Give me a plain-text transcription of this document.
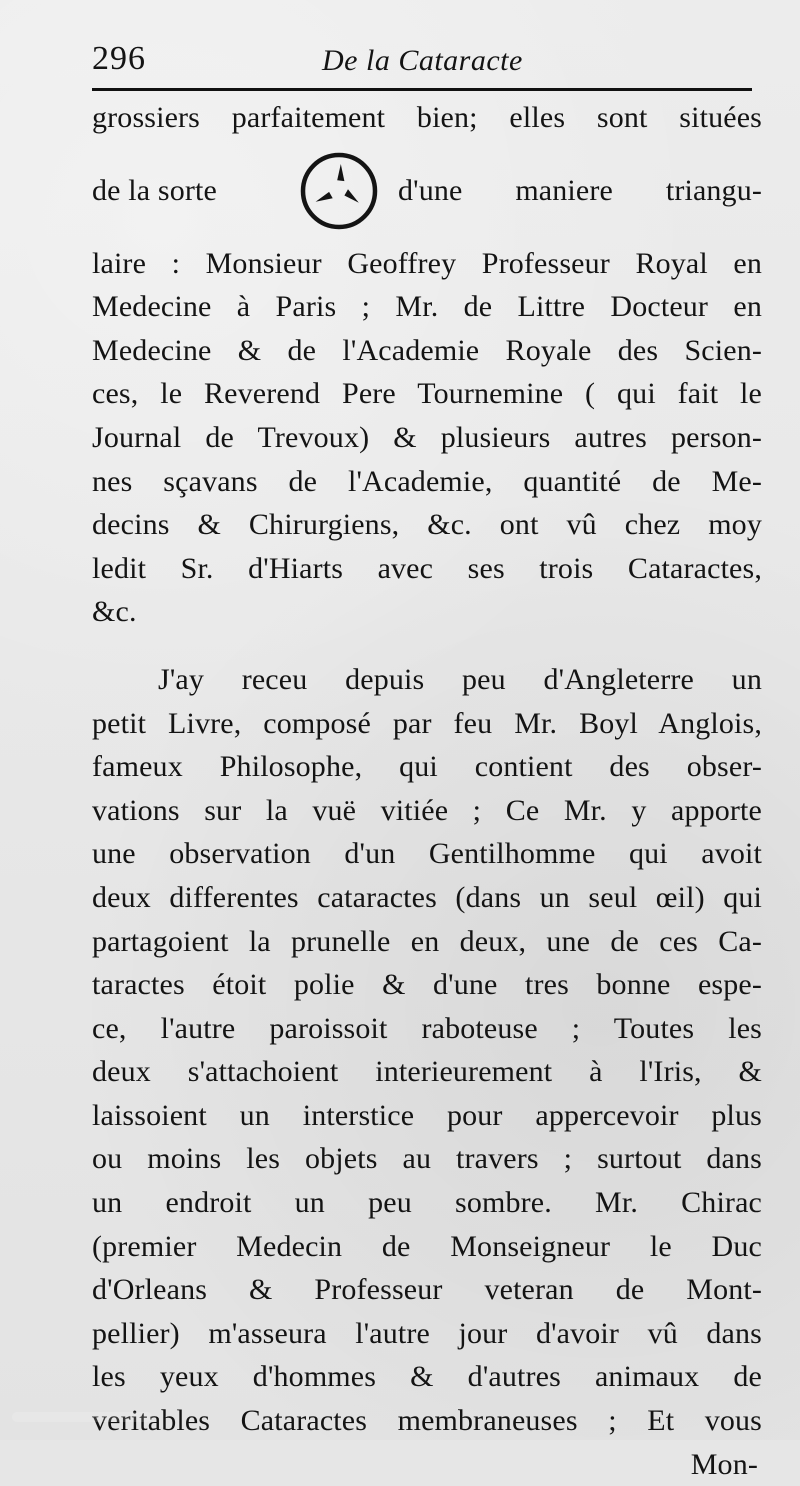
296	De la Cataracte
grossiers parfaitement bien; elles sont situées
de la sorte	d'une maniere triangu-
laire : Monsieur Geoffrey Professeur Royal en
Medecine à Paris ; Mr. de Littre Docteur en
Medecine & de l'Academie Royale des Scien-
ces, le Reverend Pere Tournemine ( qui fait le
Journal de Trevoux) & plusieurs autres person-
nes sçavans de l'Academie, quantité de Me-
decins & Chirurgiens, &c. ont vû chez moy
ledit Sr. d'Hiarts avec ses trois Cataractes,
&c.
J'ay receu depuis peu d'Angleterre un
petit Livre, composé par feu Mr. Boyl Anglois,
fameux Philosophe, qui contient des obser-
vations sur la vuë vitiée ; Ce Mr. y apporte
une observation d'un Gentilhomme qui avoit
deux differentes cataractes (dans un seul œil) qui
partagoient la prunelle en deux, une de ces Ca-
taractes étoit polie & d'une tres bonne espe-
ce, l'autre paroissoit raboteuse ; Toutes les
deux s'attachoient interieurement à l'Iris, &
laissoient un interstice pour appercevoir plus
ou moins les objets au travers ; surtout dans
un endroit un peu sombre. Mr. Chirac
(premier Medecin de Monseigneur le Duc
d'Orleans & Professeur veteran de Mont-
pellier) m'asseura l'autre jour d'avoir vû dans
les yeux d'hommes & d'autres animaux de
veritables Cataractes membraneuses ; Et vous
Mon-
